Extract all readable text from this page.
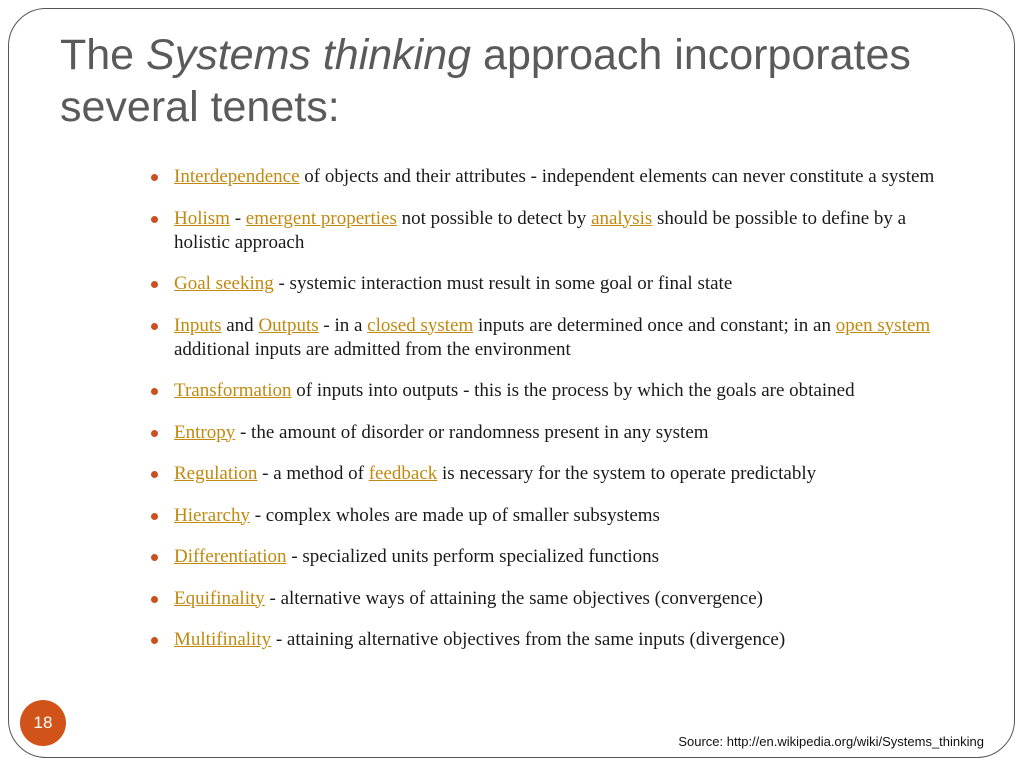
The Systems thinking approach incorporates several tenets:
Interdependence of objects and their attributes - independent elements can never constitute a system
Holism - emergent properties not possible to detect by analysis should be possible to define by a holistic approach
Goal seeking - systemic interaction must result in some goal or final state
Inputs and Outputs - in a closed system inputs are determined once and constant; in an open system additional inputs are admitted from the environment
Transformation of inputs into outputs - this is the process by which the goals are obtained
Entropy - the amount of disorder or randomness present in any system
Regulation - a method of feedback is necessary for the system to operate predictably
Hierarchy - complex wholes are made up of smaller subsystems
Differentiation - specialized units perform specialized functions
Equifinality - alternative ways of attaining the same objectives (convergence)
Multifinality - attaining alternative objectives from the same inputs (divergence)
18
Source: http://en.wikipedia.org/wiki/Systems_thinking
